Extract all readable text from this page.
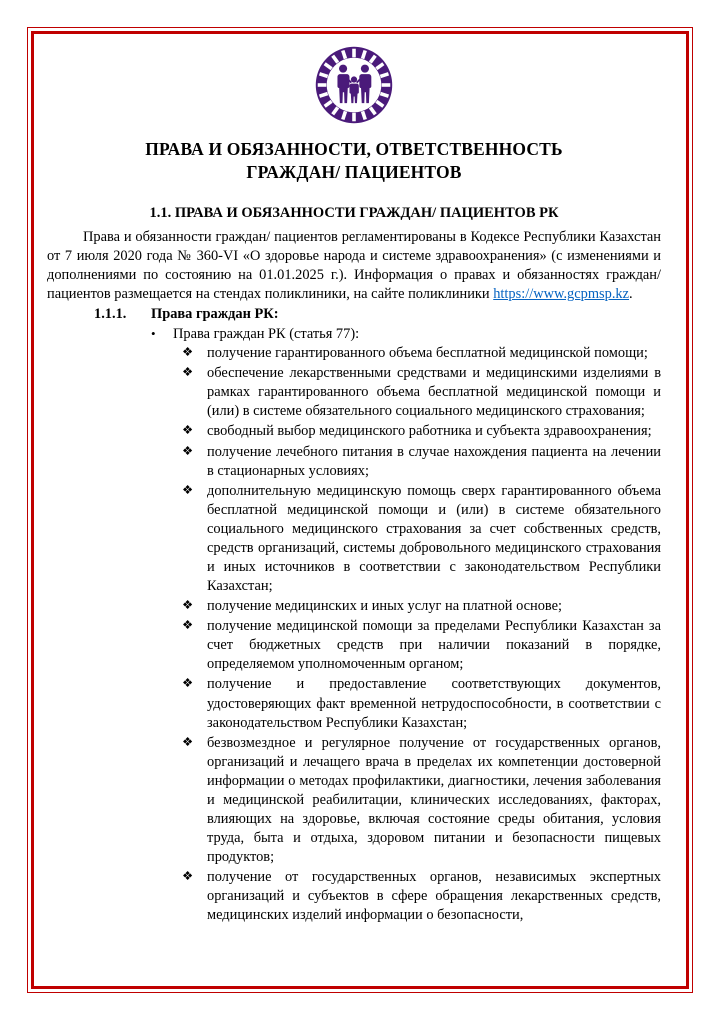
ПРАВА И ОБЯЗАННОСТИ, ОТВЕТСТВЕННОСТЬ
ГРАЖДАН/ ПАЦИЕНТОВ
1.1. ПРАВА И ОБЯЗАННОСТИ ГРАЖДАН/ ПАЦИЕНТОВ РК

Права и обязанности граждан/ пациентов регламентированы в Кодексе Республики Казахстан от 7 июля 2020 года № 360-VI «О здоровье народа и системе здравоохранения» (с изменениями и дополнениями по состоянию на 01.01.2025 г.). Информация о правах и обязанностях граждан/ пациентов размещается на стендах поликлиники, на сайте поликлиники https://www.gcpmsp.kz.

1.1.1.	Права граждан РК:
•	Права граждан РК (статья 77):
❖ получение гарантированного объема бесплатной медицинской помощи;
❖ обеспечение лекарственными средствами и медицинскими изделиями в рамках гарантированного объема бесплатной медицинской помощи и (или) в системе обязательного социального медицинского страхования;
❖ свободный выбор медицинского работника и субъекта здравоохранения;
❖ получение лечебного питания в случае нахождения пациента на лечении в стационарных условиях;
❖ дополнительную медицинскую помощь сверх гарантированного объема бесплатной медицинской помощи и (или) в системе обязательного социального медицинского страхования за счет собственных средств, средств организаций, системы добровольного медицинского страхования и иных источников в соответствии с законодательством Республики Казахстан;
❖ получение медицинских и иных услуг на платной основе;
❖ получение медицинской помощи за пределами Республики Казахстан за счет бюджетных средств при наличии показаний в порядке, определяемом уполномоченным органом;
❖ получение и предоставление соответствующих документов, удостоверяющих факт временной нетрудоспособности, в соответствии с законодательством Республики Казахстан;
❖ безвозмездное и регулярное получение от государственных органов, организаций и лечащего врача в пределах их компетенции достоверной информации о методах профилактики, диагностики, лечения заболевания и медицинской реабилитации, клинических исследованиях, факторах, влияющих на здоровье, включая состояние среды обитания, условия труда, быта и отдыха, здоровом питании и безопасности пищевых продуктов;
❖ получение от государственных органов, независимых экспертных организаций и субъектов в сфере обращения лекарственных средств, медицинских изделий информации о безопасности,
